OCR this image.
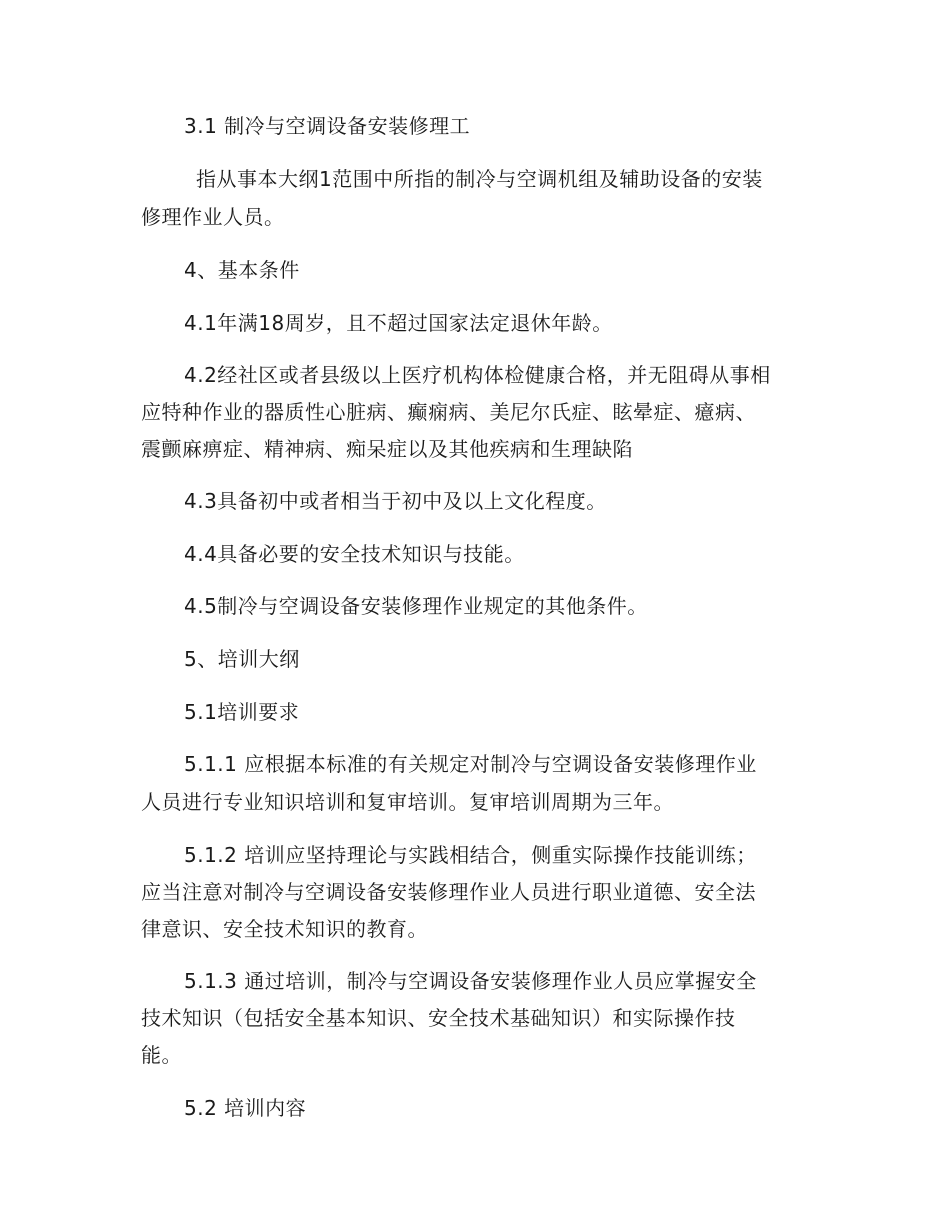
3.1 制冷与空调设备安装修理工
指从事本大纲1范围中所指的制冷与空调机组及辅助设备的安装
修理作业人员。
4、基本条件
4.1年满18周岁，且不超过国家法定退休年龄。
4.2经社区或者县级以上医疗机构体检健康合格，并无阻碍从事相
应特种作业的器质性心脏病、癫痫病、美尼尔氏症、眩晕症、癔病、
震颤麻痹症、精神病、痴呆症以及其他疾病和生理缺陷
4.3具备初中或者相当于初中及以上文化程度。
4.4具备必要的安全技术知识与技能。
4.5制冷与空调设备安装修理作业规定的其他条件。
5、培训大纲
5.1培训要求
5.1.1 应根据本标准的有关规定对制冷与空调设备安装修理作业
人员进行专业知识培训和复审培训。复审培训周期为三年。
5.1.2 培训应坚持理论与实践相结合，侧重实际操作技能训练；
应当注意对制冷与空调设备安装修理作业人员进行职业道德、安全法
律意识、安全技术知识的教育。
5.1.3 通过培训，制冷与空调设备安装修理作业人员应掌握安全
技术知识（包括安全基本知识、安全技术基础知识）和实际操作技
能。
5.2 培训内容
